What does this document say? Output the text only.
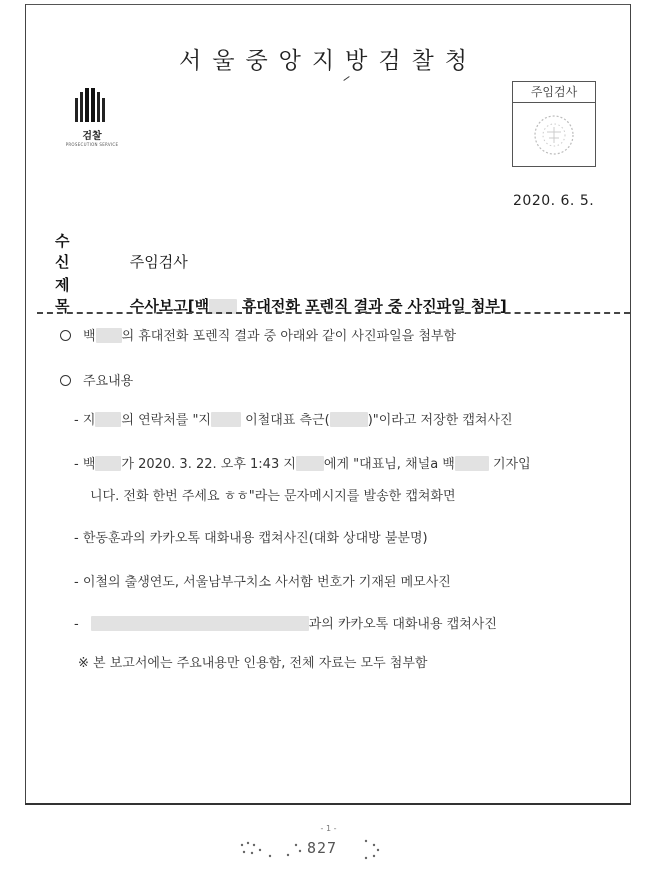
서울중앙지방검찰청
검찰
PROSECUTION SERVICE
주임검사
2020. 6. 5.
수 신	주임검사
제 목	수사보고[백 휴대전화 포렌직 결과 중 사진파일 첨부]
백 의 휴대전화 포렌직 결과 중 아래와 같이 사진파일을 첨부함
주요내용
- 지 의 연락처를 "지	이철대표 측근(	)"이라고 저장한 캡쳐사진
- 백 가 2020. 3. 22. 오후 1:43 지 에게 "대표님, 채널a 백	기자입
니다. 전화 한번 주세요 ㅎㅎ"라는 문자메시지를 발송한 캡쳐화면
- 한동훈과의 카카오톡 대화내용 캡쳐사진(대화 상대방 불분명)
- 이철의 출생연도, 서울남부구치소 사서함 번호가 기재된 메모사진
-	과의 카카오톡 대화내용 캡쳐사진
※ 본 보고서에는 주요내용만 인용함, 전체 자료는 모두 첨부함
- 1 -
827
